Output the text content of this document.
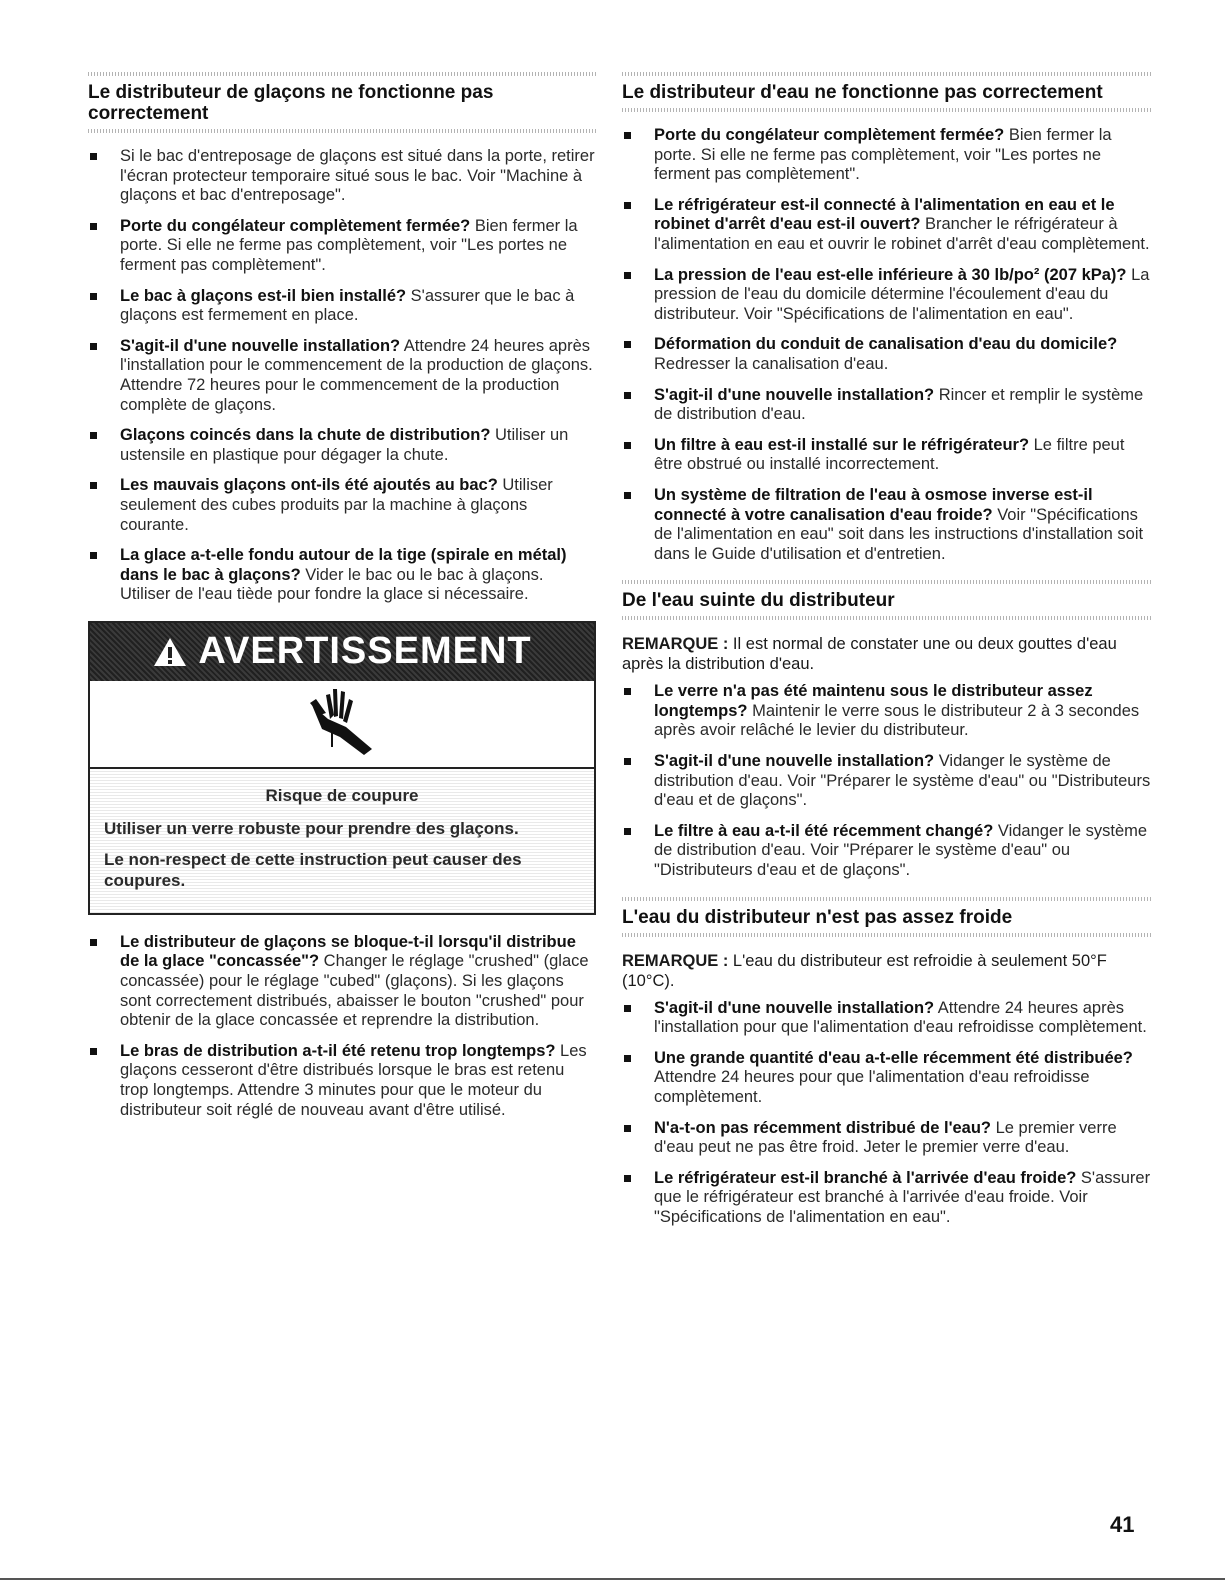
Le distributeur de glaçons ne fonctionne pas correctement
Si le bac d'entreposage de glaçons est situé dans la porte, retirer l'écran protecteur temporaire situé sous le bac. Voir "Machine à glaçons et bac d'entreposage".
Porte du congélateur complètement fermée? Bien fermer la porte. Si elle ne ferme pas complètement, voir "Les portes ne ferment pas complètement".
Le bac à glaçons est-il bien installé? S'assurer que le bac à glaçons est fermement en place.
S'agit-il d'une nouvelle installation? Attendre 24 heures après l'installation pour le commencement de la production de glaçons. Attendre 72 heures pour le commencement de la production complète de glaçons.
Glaçons coincés dans la chute de distribution? Utiliser un ustensile en plastique pour dégager la chute.
Les mauvais glaçons ont-ils été ajoutés au bac? Utiliser seulement des cubes produits par la machine à glaçons courante.
La glace a-t-elle fondu autour de la tige (spirale en métal) dans le bac à glaçons? Vider le bac ou le bac à glaçons. Utiliser de l'eau tiède pour fondre la glace si nécessaire.
AVERTISSEMENT
Risque de coupure
Utiliser un verre robuste pour prendre des glaçons.
Le non-respect de cette instruction peut causer des coupures.
Le distributeur de glaçons se bloque-t-il lorsqu'il distribue de la glace "concassée"? Changer le réglage "crushed" (glace concassée) pour le réglage "cubed" (glaçons). Si les glaçons sont correctement distribués, abaisser le bouton "crushed" pour obtenir de la glace concassée et reprendre la distribution.
Le bras de distribution a-t-il été retenu trop longtemps? Les glaçons cesseront d'être distribués lorsque le bras est retenu trop longtemps. Attendre 3 minutes pour que le moteur du distributeur soit réglé de nouveau avant d'être utilisé.
Le distributeur d'eau ne fonctionne pas correctement
Porte du congélateur complètement fermée? Bien fermer la porte. Si elle ne ferme pas complètement, voir "Les portes ne ferment pas complètement".
Le réfrigérateur est-il connecté à l'alimentation en eau et le robinet d'arrêt d'eau est-il ouvert? Brancher le réfrigérateur à l'alimentation en eau et ouvrir le robinet d'arrêt d'eau complètement.
La pression de l'eau est-elle inférieure à 30 lb/po² (207 kPa)? La pression de l'eau du domicile détermine l'écoulement d'eau du distributeur. Voir "Spécifications de l'alimentation en eau".
Déformation du conduit de canalisation d'eau du domicile? Redresser la canalisation d'eau.
S'agit-il d'une nouvelle installation? Rincer et remplir le système de distribution d'eau.
Un filtre à eau est-il installé sur le réfrigérateur? Le filtre peut être obstrué ou installé incorrectement.
Un système de filtration de l'eau à osmose inverse est-il connecté à votre canalisation d'eau froide? Voir "Spécifications de l'alimentation en eau" soit dans les instructions d'installation soit dans le Guide d'utilisation et d'entretien.
De l'eau suinte du distributeur

REMARQUE : Il est normal de constater une ou deux gouttes d'eau après la distribution d'eau.

Le verre n'a pas été maintenu sous le distributeur assez longtemps? Maintenir le verre sous le distributeur 2 à 3 secondes après avoir relâché le levier du distributeur.
S'agit-il d'une nouvelle installation? Vidanger le système de distribution d'eau. Voir "Préparer le système d'eau" ou "Distributeurs d'eau et de glaçons".
Le filtre à eau a-t-il été récemment changé? Vidanger le système de distribution d'eau. Voir "Préparer le système d'eau" ou "Distributeurs d'eau et de glaçons".
L'eau du distributeur n'est pas assez froide

REMARQUE : L'eau du distributeur est refroidie à seulement 50°F (10°C).

S'agit-il d'une nouvelle installation? Attendre 24 heures après l'installation pour que l'alimentation d'eau refroidisse complètement.
Une grande quantité d'eau a-t-elle récemment été distribuée? Attendre 24 heures pour que l'alimentation d'eau refroidisse complètement.
N'a-t-on pas récemment distribué de l'eau? Le premier verre d'eau peut ne pas être froid. Jeter le premier verre d'eau.
Le réfrigérateur est-il branché à l'arrivée d'eau froide? S'assurer que le réfrigérateur est branché à l'arrivée d'eau froide. Voir "Spécifications de l'alimentation en eau".
41
